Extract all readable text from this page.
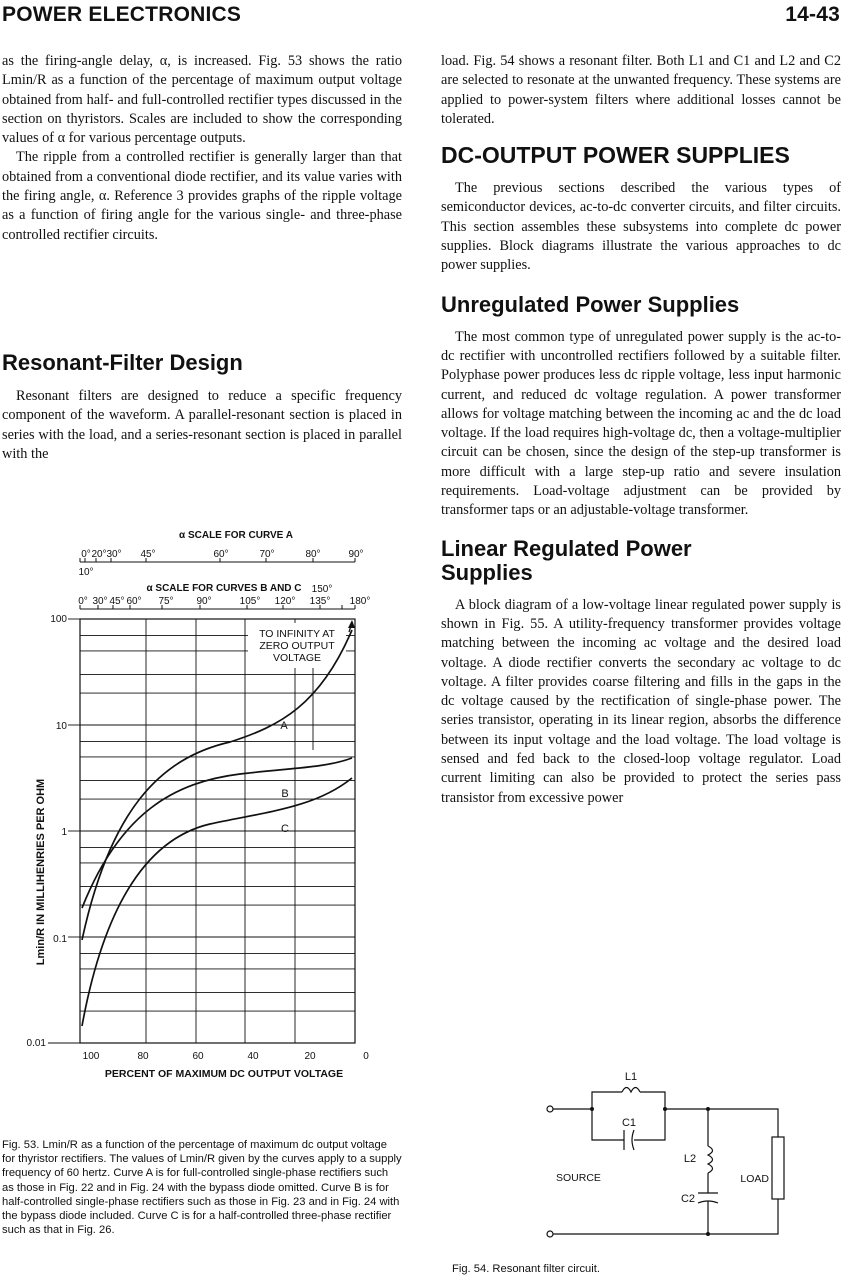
POWER ELECTRONICS	14-43

as the firing-angle delay, α, is increased. Fig. 53 shows the ratio Lmin/R as a function of the percentage of maximum output voltage obtained from half- and full-controlled rectifier types discussed in the section on thyristors. Scales are included to show the corresponding values of α for various percentage outputs.

The ripple from a controlled rectifier is generally larger than that obtained from a conventional diode rectifier, and its value varies with the firing angle, α. Reference 3 provides graphs of the ripple voltage as a function of firing angle for the various single- and three-phase controlled rectifier circuits.

Resonant-Filter Design

Resonant filters are designed to reduce a specific frequency component of the waveform. A parallel-resonant section is placed in series with the load, and a series-resonant section is placed in parallel with the

load. Fig. 54 shows a resonant filter. Both L1 and C1 and L2 and C2 are selected to resonate at the unwanted frequency. These systems are applied to power-system filters where additional losses cannot be tolerated.

DC-OUTPUT POWER SUPPLIES

The previous sections described the various types of semiconductor devices, ac-to-dc converter circuits, and filter circuits. This section assembles these subsystems into complete dc power supplies. Block diagrams illustrate the various approaches to dc power supplies.

Unregulated Power Supplies

The most common type of unregulated power supply is the ac-to-dc rectifier with uncontrolled rectifiers followed by a suitable filter. Polyphase power produces less dc ripple voltage, less input harmonic current, and reduced dc voltage regulation. A power transformer allows for voltage matching between the incoming ac and the dc load voltage. If the load requires high-voltage dc, then a voltage-multiplier circuit can be chosen, since the design of the step-up transformer is more difficult with a large step-up ratio and severe insulation requirements. Load-voltage adjustment can be provided by transformer taps or an adjustable-voltage transformer.

Linear Regulated Power
Supplies

A block diagram of a low-voltage linear regulated power supply is shown in Fig. 55. A utility-frequency transformer provides voltage matching between the incoming ac voltage and the desired load voltage. A diode rectifier converts the secondary ac voltage to dc voltage. A filter provides coarse filtering and fills in the gaps in the dc voltage caused by the rectification of single-phase power. The series transistor, operating in its linear region, absorbs the difference between its input voltage and the load voltage. The load voltage is sensed and fed back to the closed-loop voltage regulator. Load current limiting can also be provided to protect the series pass transistor from excessive power

α SCALE FOR CURVE A
0° 20° 30° 45°	60°	70°	80°	90°
10°
α SCALE FOR CURVES B AND C
0° 30° 45° 60° 75° 90°	105° 120° 135°
150°
180°
TO INFINITY AT
ZERO OUTPUT
VOLTAGE
A
B
C
100
10
1
0.1
0.01
Lmin/R IN MILLIHENRIES PER OHM
100	80	60	40	20	0
PERCENT OF MAXIMUM DC OUTPUT VOLTAGE
Fig. 53. Lmin/R as a function of the percentage of maximum dc output voltage for thyristor rectifiers. The values of Lmin/R given by the curves apply to a supply frequency of 60 hertz. Curve A is for full-controlled single-phase rectifiers such as those in Fig. 22 and in Fig. 24 with the bypass diode omitted. Curve B is for half-controlled single-phase rectifiers such as those in Fig. 23 and in Fig. 24 with the bypass diode included. Curve C is for a half-controlled three-phase rectifier such as that in Fig. 26.
L1
C1
L2
C2
SOURCE	LOAD
Fig. 54. Resonant filter circuit.
